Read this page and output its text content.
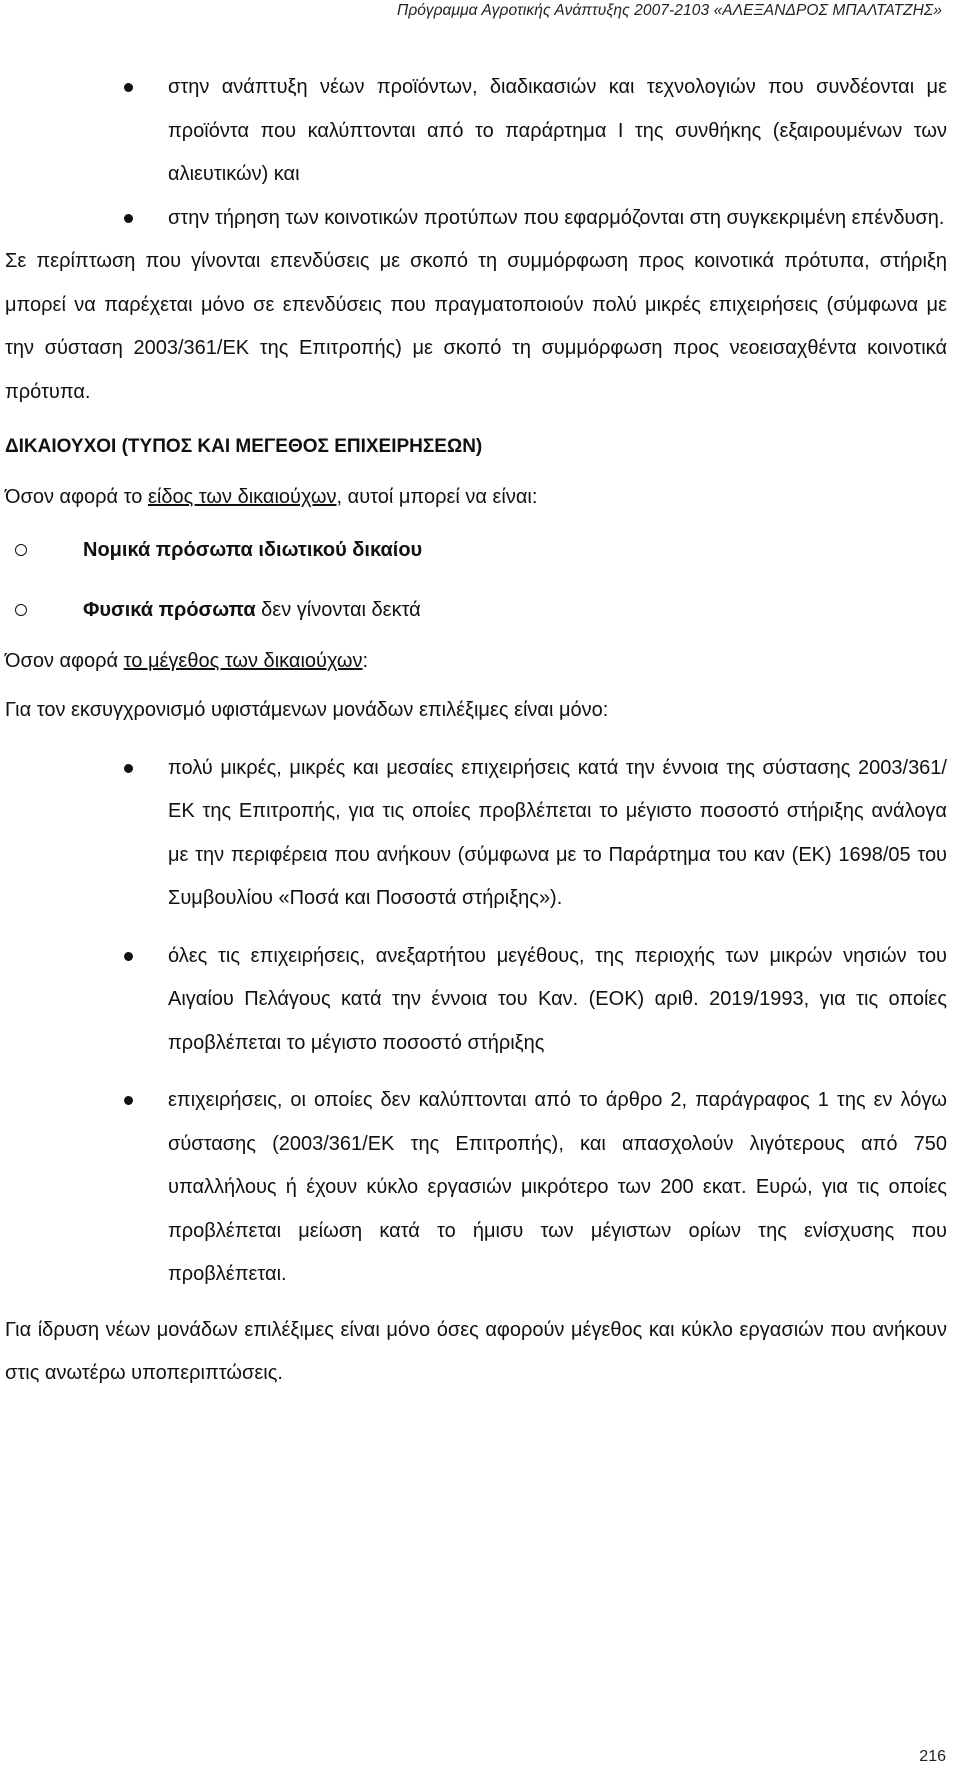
Πρόγραμμα Αγροτικής Ανάπτυξης 2007-2103 «ΑΛΕΞΑΝΔΡΟΣ ΜΠΑΛΤΑΤΖΗΣ»
στην ανάπτυξη νέων προϊόντων, διαδικασιών και τεχνολογιών που συνδέονται με προϊόντα που καλύπτονται από το παράρτημα Ι της συνθήκης (εξαιρουμένων των αλιευτικών) και
στην τήρηση των κοινοτικών προτύπων που εφαρμόζονται στη συγκεκριμένη επένδυση.

Σε περίπτωση που γίνονται επενδύσεις με σκοπό τη συμμόρφωση προς κοινοτικά πρότυπα, στήριξη μπορεί να παρέχεται μόνο σε επενδύσεις που πραγματοποιούν πολύ μικρές επιχειρήσεις (σύμφωνα με την σύσταση 2003/361/ΕΚ της Επιτροπής) με σκοπό τη συμμόρφωση προς νεοεισαχθέντα κοινοτικά πρότυπα.

ΔΙΚΑΙΟΥΧΟΙ (ΤΥΠΟΣ ΚΑΙ ΜΕΓΕΘΟΣ ΕΠΙΧΕΙΡΗΣΕΩΝ)

Όσον αφορά το είδος των δικαιούχων, αυτοί μπορεί να είναι:

Νομικά πρόσωπα ιδιωτικού δικαίου
Φυσικά πρόσωπα δεν γίνονται δεκτά

Όσον αφορά το μέγεθος των δικαιούχων:

Για τον εκσυγχρονισμό υφιστάμενων μονάδων επιλέξιμες είναι μόνο:

πολύ μικρές, μικρές και μεσαίες επιχειρήσεις κατά την έννοια της σύστασης 2003/361/ΕΚ της Επιτροπής, για τις οποίες προβλέπεται το μέγιστο ποσοστό στήριξης ανάλογα με την περιφέρεια που ανήκουν (σύμφωνα με το Παράρτημα του καν (ΕΚ) 1698/05 του Συμβουλίου «Ποσά και Ποσοστά στήριξης»).
όλες τις επιχειρήσεις, ανεξαρτήτου μεγέθους, της περιοχής των μικρών νησιών του Αιγαίου Πελάγους κατά την έννοια του Καν. (ΕΟΚ) αριθ. 2019/1993, για τις οποίες προβλέπεται το μέγιστο ποσοστό στήριξης
επιχειρήσεις, οι οποίες δεν καλύπτονται από το άρθρο 2, παράγραφος 1 της εν λόγω σύστασης (2003/361/ΕΚ της Επιτροπής), και απασχολούν λιγότερους από 750 υπαλλήλους ή έχουν κύκλο εργασιών μικρότερο των 200 εκατ. Ευρώ, για τις οποίες προβλέπεται μείωση κατά το ήμισυ των μέγιστων ορίων της ενίσχυσης που προβλέπεται.

Για ίδρυση νέων μονάδων επιλέξιμες είναι μόνο όσες αφορούν μέγεθος και κύκλο εργασιών που ανήκουν στις ανωτέρω υποπεριπτώσεις.

216
